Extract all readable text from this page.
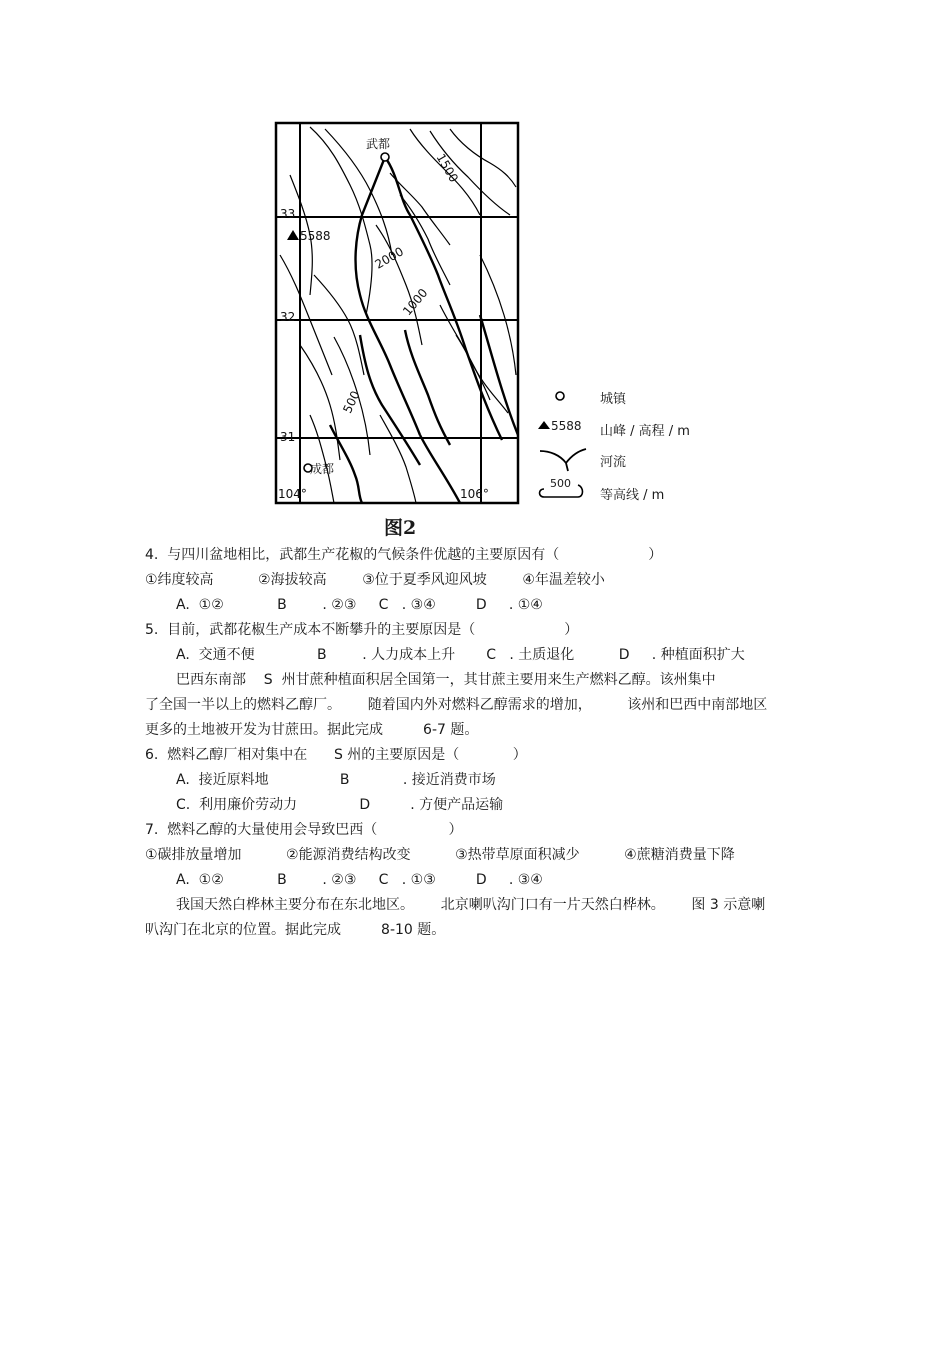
武都
成都
5588
33
32
31
104°	106°
1500
2000
1000
500	城镇
5588 山峰 / 高程 / m
河流
500
等高线 / m
图2
4.  与四川盆地相比，武都生产花椒的气候条件优越的主要原因有（                    ）
①纬度较高          ②海拔较高        ③位于夏季风迎风坡        ④年温差较小
A.  ①②            B        . ②③     C   . ③④         D     . ①④
5.  目前，武都花椒生产成本不断攀升的主要原因是（                    ）
A.  交通不便              B        . 人力成本上升       C   . 土质退化          D     . 种植面积扩大
巴西东南部    S  州甘蔗种植面积居全国第一，其甘蔗主要用来生产燃料乙醇。该州集中
了全国一半以上的燃料乙醇厂。      随着国内外对燃料乙醇需求的增加，        该州和巴西中南部地区
更多的土地被开发为甘蔗田。据此完成         6-7 题。
6.  燃料乙醇厂相对集中在      S 州的主要原因是（            ）
A.  接近原料地                B            . 接近消费市场
C.  利用廉价劳动力              D         . 方便产品运输
7.  燃料乙醇的大量使用会导致巴西（                ）
①碳排放量增加          ②能源消费结构改变          ③热带草原面积减少          ④蔗糖消费量下降
A.  ①②            B        . ②③     C   . ①③         D     . ③④
我国天然白桦林主要分布在东北地区。      北京喇叭沟门口有一片天然白桦林。      图 3 示意喇
叭沟门在北京的位置。据此完成         8-10 题。
